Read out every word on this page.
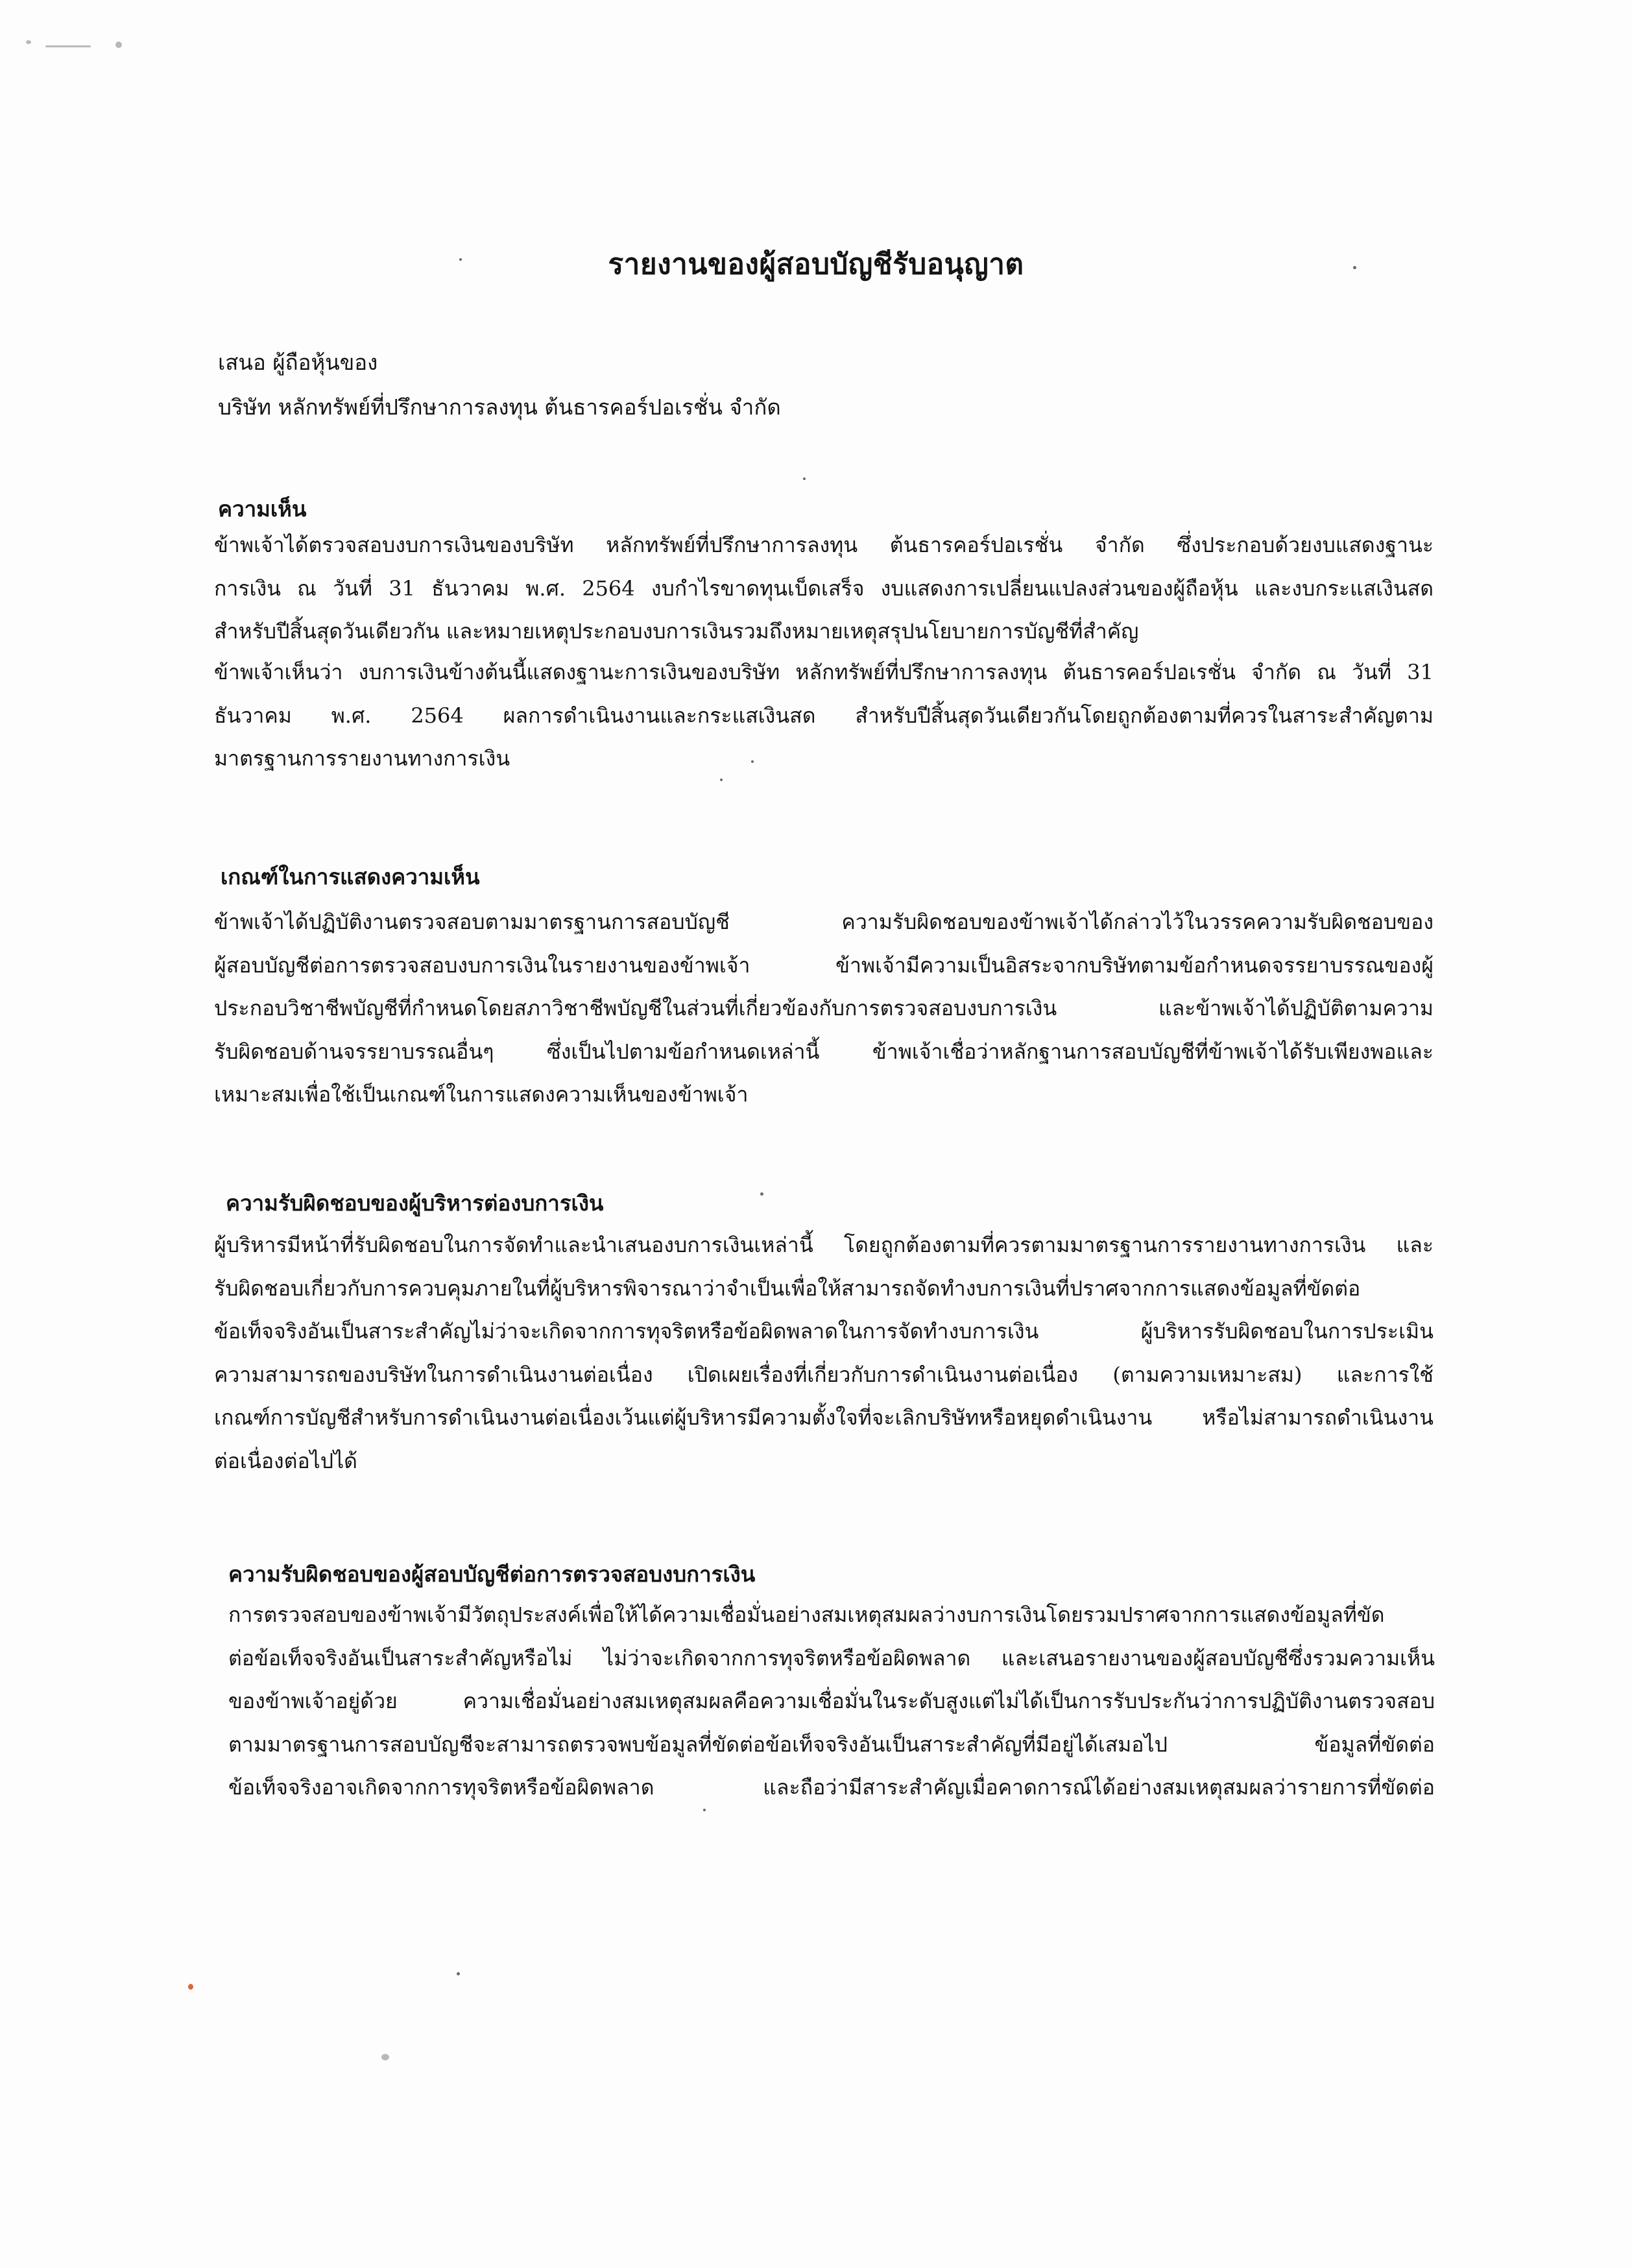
รายงานของผู้สอบบัญชีรับอนุญาต
เสนอ ผู้ถือหุ้นของ
บริษัท หลักทรัพย์ที่ปรึกษาการลงทุน ต้นธารคอร์ปอเรชั่น จำกัด
ความเห็น
ข้าพเจ้าได้ตรวจสอบงบการเงินของบริษัท หลักทรัพย์ที่ปรึกษาการลงทุน ต้นธารคอร์ปอเรชั่น จำกัด ซึ่งประกอบด้วยงบแสดงฐานะ
การเงิน ณ วันที่ 31 ธันวาคม พ.ศ. 2564 งบกำไรขาดทุนเบ็ดเสร็จ งบแสดงการเปลี่ยนแปลงส่วนของผู้ถือหุ้น และงบกระแสเงินสด
สำหรับปีสิ้นสุดวันเดียวกัน และหมายเหตุประกอบงบการเงินรวมถึงหมายเหตุสรุปนโยบายการบัญชีที่สำคัญ
ข้าพเจ้าเห็นว่า งบการเงินข้างต้นนี้แสดงฐานะการเงินของบริษัท หลักทรัพย์ที่ปรึกษาการลงทุน ต้นธารคอร์ปอเรชั่น จำกัด ณ วันที่ 31
ธันวาคม พ.ศ. 2564 ผลการดำเนินงานและกระแสเงินสด สำหรับปีสิ้นสุดวันเดียวกันโดยถูกต้องตามที่ควรในสาระสำคัญตาม
มาตรฐานการรายงานทางการเงิน
เกณฑ์ในการแสดงความเห็น
ข้าพเจ้าได้ปฏิบัติงานตรวจสอบตามมาตรฐานการสอบบัญชี ความรับผิดชอบของข้าพเจ้าได้กล่าวไว้ในวรรคความรับผิดชอบของ
ผู้สอบบัญชีต่อการตรวจสอบงบการเงินในรายงานของข้าพเจ้า ข้าพเจ้ามีความเป็นอิสระจากบริษัทตามข้อกำหนดจรรยาบรรณของผู้
ประกอบวิชาชีพบัญชีที่กำหนดโดยสภาวิชาชีพบัญชีในส่วนที่เกี่ยวข้องกับการตรวจสอบงบการเงิน และข้าพเจ้าได้ปฏิบัติตามความ
รับผิดชอบด้านจรรยาบรรณอื่นๆ ซึ่งเป็นไปตามข้อกำหนดเหล่านี้ ข้าพเจ้าเชื่อว่าหลักฐานการสอบบัญชีที่ข้าพเจ้าได้รับเพียงพอและ
เหมาะสมเพื่อใช้เป็นเกณฑ์ในการแสดงความเห็นของข้าพเจ้า
ความรับผิดชอบของผู้บริหารต่องบการเงิน
ผู้บริหารมีหน้าที่รับผิดชอบในการจัดทำและนำเสนองบการเงินเหล่านี้ โดยถูกต้องตามที่ควรตามมาตรฐานการรายงานทางการเงิน และ
รับผิดชอบเกี่ยวกับการควบคุมภายในที่ผู้บริหารพิจารณาว่าจำเป็นเพื่อให้สามารถจัดทำงบการเงินที่ปราศจากการแสดงข้อมูลที่ขัดต่อ
ข้อเท็จจริงอันเป็นสาระสำคัญไม่ว่าจะเกิดจากการทุจริตหรือข้อผิดพลาดในการจัดทำงบการเงิน ผู้บริหารรับผิดชอบในการประเมิน
ความสามารถของบริษัทในการดำเนินงานต่อเนื่อง เปิดเผยเรื่องที่เกี่ยวกับการดำเนินงานต่อเนื่อง (ตามความเหมาะสม) และการใช้
เกณฑ์การบัญชีสำหรับการดำเนินงานต่อเนื่องเว้นแต่ผู้บริหารมีความตั้งใจที่จะเลิกบริษัทหรือหยุดดำเนินงาน หรือไม่สามารถดำเนินงาน
ต่อเนื่องต่อไปได้
ความรับผิดชอบของผู้สอบบัญชีต่อการตรวจสอบงบการเงิน
การตรวจสอบของข้าพเจ้ามีวัตถุประสงค์เพื่อให้ได้ความเชื่อมั่นอย่างสมเหตุสมผลว่างบการเงินโดยรวมปราศจากการแสดงข้อมูลที่ขัด
ต่อข้อเท็จจริงอันเป็นสาระสำคัญหรือไม่ ไม่ว่าจะเกิดจากการทุจริตหรือข้อผิดพลาด และเสนอรายงานของผู้สอบบัญชีซึ่งรวมความเห็น
ของข้าพเจ้าอยู่ด้วย ความเชื่อมั่นอย่างสมเหตุสมผลคือความเชื่อมั่นในระดับสูงแต่ไม่ได้เป็นการรับประกันว่าการปฏิบัติงานตรวจสอบ
ตามมาตรฐานการสอบบัญชีจะสามารถตรวจพบข้อมูลที่ขัดต่อข้อเท็จจริงอันเป็นสาระสำคัญที่มีอยู่ได้เสมอไป ข้อมูลที่ขัดต่อ
ข้อเท็จจริงอาจเกิดจากการทุจริตหรือข้อผิดพลาด และถือว่ามีสาระสำคัญเมื่อคาดการณ์ได้อย่างสมเหตุสมผลว่ารายการที่ขัดต่อ
